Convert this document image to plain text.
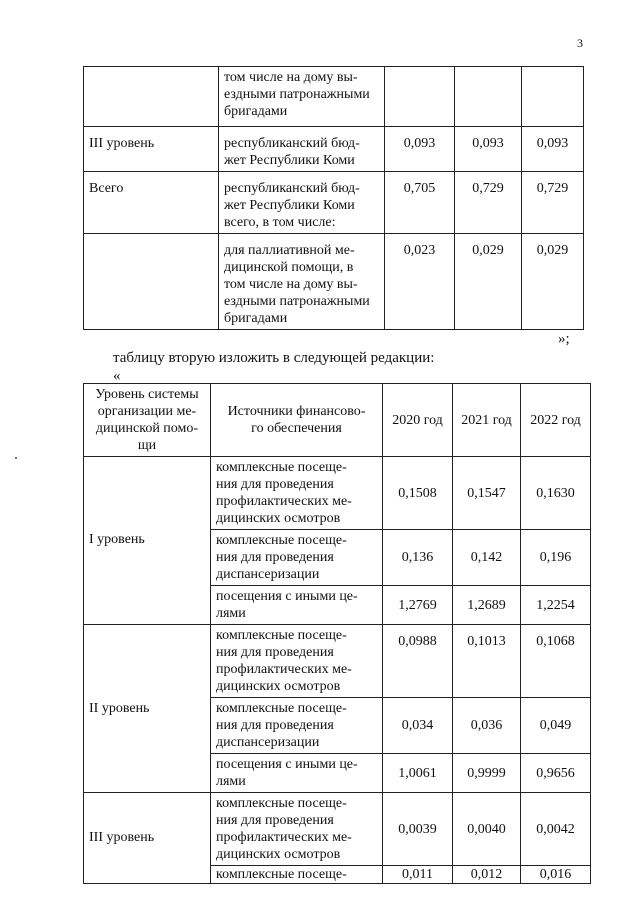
3
	том числе на дому вы-
ездными патронажными
бригадами			
III уровень	республиканский бюд-
жет Республики Коми	0,093	0,093	0,093
Всего	республиканский бюд-
жет Республики Коми
всего, в том числе:	0,705	0,729	0,729
	для паллиативной ме-
дицинской помощи, в
том числе на дому вы-
ездными патронажными
бригадами	0,023	0,029	0,029
»;
таблицу вторую изложить в следующей редакции:
«
Уровень системы
организации ме-
дицинской помо-
щи	Источники финансово-
го обеспечения	2020 год	2021 год	2022 год
I уровень	комплексные посеще-
ния для проведения
профилактических ме-
дицинских осмотров	0,1508	0,1547	0,1630
	комплексные посеще-
ния для проведения
диспансеризации	0,136	0,142	0,196
	посещения с иными це-
лями	1,2769	1,2689	1,2254
II уровень	комплексные посеще-
ния для проведения
профилактических ме-
дицинских осмотров	0,0988	0,1013	0,1068
	комплексные посеще-
ния для проведения
диспансеризации	0,034	0,036	0,049
	посещения с иными це-
лями	1,0061	0,9999	0,9656
III уровень	комплексные посеще-
ния для проведения
профилактических ме-
дицинских осмотров	0,0039	0,0040	0,0042
	комплексные посеще-	0,011	0,012	0,016
